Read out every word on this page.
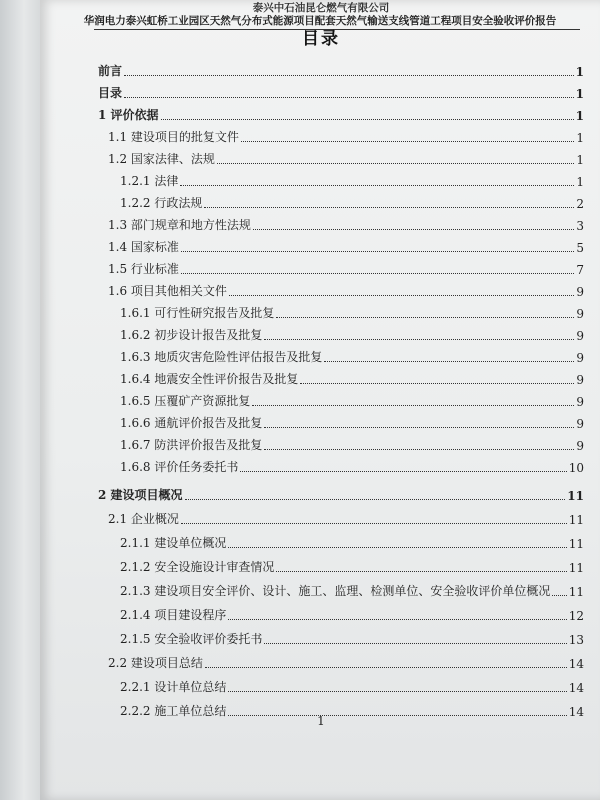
泰兴中石油昆仑燃气有限公司
华润电力泰兴虹桥工业园区天然气分布式能源项目配套天然气输送支线管道工程项目安全验收评价报告
目录
前言	1
目录	1
1 评价依据	1
1.1 建设项目的批复文件	1
1.2 国家法律、法规	1
1.2.1 法律	1
1.2.2 行政法规	2
1.3 部门规章和地方性法规	3
1.4 国家标准	5
1.5 行业标准	7
1.6 项目其他相关文件	9
1.6.1 可行性研究报告及批复	9
1.6.2 初步设计报告及批复	9
1.6.3 地质灾害危险性评估报告及批复	9
1.6.4 地震安全性评价报告及批复	9
1.6.5 压覆矿产资源批复	9
1.6.6 通航评价报告及批复	9
1.6.7 防洪评价报告及批复	9
1.6.8 评价任务委托书	10
2 建设项目概况	11
2.1 企业概况	11
2.1.1 建设单位概况	11
2.1.2 安全设施设计审查情况	11
2.1.3 建设项目安全评价、设计、施工、监理、检测单位、安全验收评价单位概况 11
2.1.4 项目建设程序	12
2.1.5 安全验收评价委托书	13
2.2 建设项目总结	14
2.2.1 设计单位总结	14
2.2.2 施工单位总结	14
1
